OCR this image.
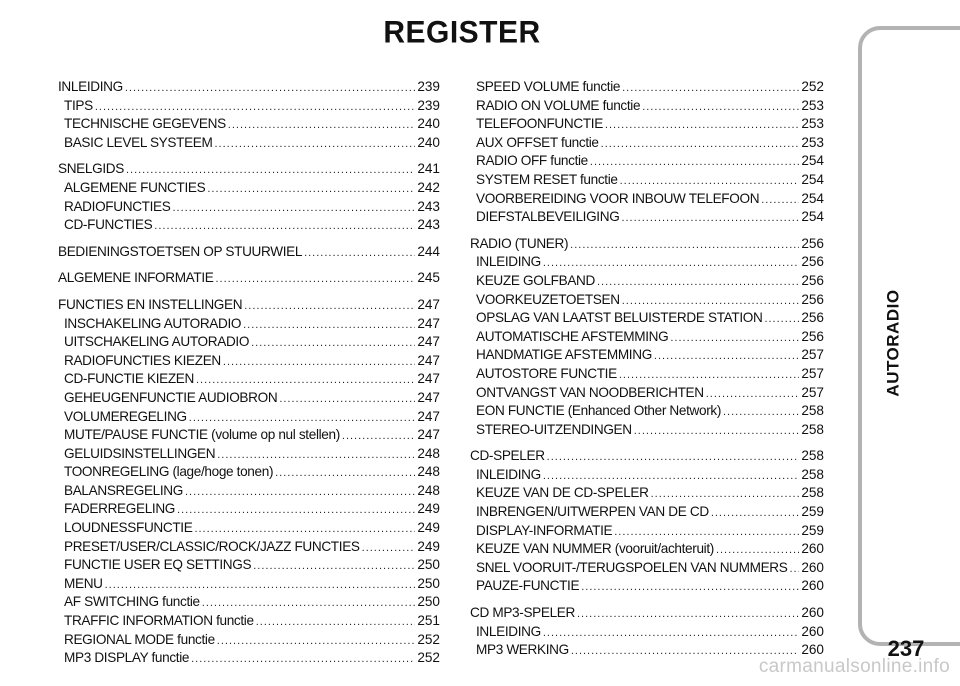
REGISTER
INLEIDING .....	239
TIPS .....	239
TECHNISCHE GEGEVENS .....	240
BASIC LEVEL SYSTEEM .....	240
SNELGIDS .....	241
ALGEMENE FUNCTIES .....	242
RADIOFUNCTIES .....	243
CD-FUNCTIES .....	243
BEDIENINGSTOETSEN OP STUURWIEL .....	244
ALGEMENE INFORMATIE .....	245
FUNCTIES EN INSTELLINGEN .....	247
INSCHAKELING AUTORADIO .....	247
UITSCHAKELING AUTORADIO .....	247
RADIOFUNCTIES KIEZEN .....	247
CD-FUNCTIE KIEZEN .....	247
GEHEUGENFUNCTIE AUDIOBRON .....	247
VOLUMEREGELING .....	247
MUTE/PAUSE FUNCTIE (volume op nul stellen) .....	247
GELUIDSINSTELLINGEN .....	248
TOONREGELING (lage/hoge tonen) .....	248
BALANSREGELING .....	248
FADERREGELING .....	249
LOUDNESSFUNCTIE .....	249
PRESET/USER/CLASSIC/ROCK/JAZZ FUNCTIES .....	249
FUNCTIE USER EQ SETTINGS .....	250
MENU .....	250
AF SWITCHING functie .....	250
TRAFFIC INFORMATION functie .....	251
REGIONAL MODE functie .....	252
MP3 DISPLAY functie .....	252
SPEED VOLUME functie .....	252
RADIO ON VOLUME functie .....	253
TELEFOONFUNCTIE .....	253
AUX OFFSET functie .....	253
RADIO OFF functie .....	254
SYSTEM RESET functie .....	254
VOORBEREIDING VOOR INBOUW TELEFOON .....	254
DIEFSTALBEVEILIGING .....	254
RADIO (TUNER) .....	256
INLEIDING .....	256
KEUZE GOLFBAND .....	256
VOORKEUZETOETSEN .....	256
OPSLAG VAN LAATST BELUISTERDE STATION .....	256
AUTOMATISCHE AFSTEMMING .....	256
HANDMATIGE AFSTEMMING .....	257
AUTOSTORE FUNCTIE .....	257
ONTVANGST VAN NOODBERICHTEN .....	257
EON FUNCTIE (Enhanced Other Network) .....	258
STEREO-UITZENDINGEN .....	258
CD-SPELER .....	258
INLEIDING .....	258
KEUZE VAN DE CD-SPELER .....	258
INBRENGEN/UITWERPEN VAN DE CD .....	259
DISPLAY-INFORMATIE .....	259
KEUZE VAN NUMMER (vooruit/achteruit) .....	260
SNEL VOORUIT-/TERUGSPOELEN VAN NUMMERS ..... 260
PAUZE-FUNCTIE .....	260
CD MP3-SPELER .....	260
INLEIDING .....	260
MP3 WERKING .....	260
AUTORADIO
237
carmanualsonline.info
